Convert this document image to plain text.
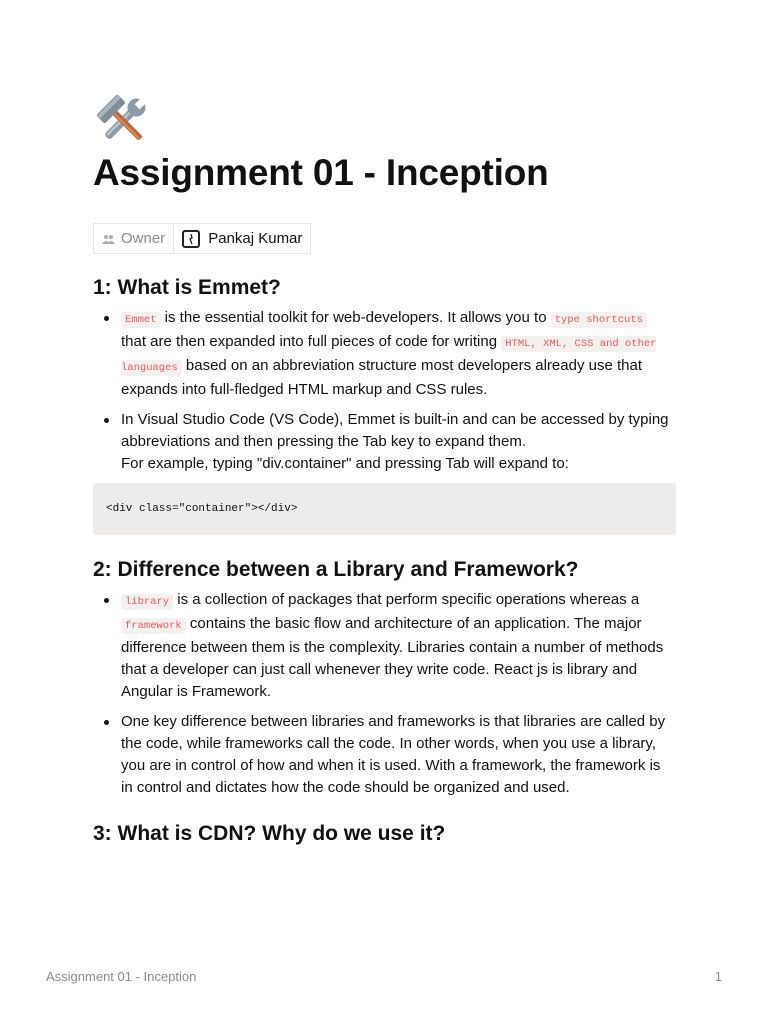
Assignment 01 - Inception
Owner	Pankaj Kumar
1: What is Emmet?
Emmet is the essential toolkit for web-developers. It allows you to type shortcuts that are then expanded into full pieces of code for writing HTML, XML, CSS and other languages based on an abbreviation structure most developers already use that expands into full-fledged HTML markup and CSS rules.
In Visual Studio Code (VS Code), Emmet is built-in and can be accessed by typing abbreviations and then pressing the Tab key to expand them.
For example, typing "div.container" and pressing Tab will expand to:
<div class="container"></div>
2: Difference between a Library and Framework?
library is a collection of packages that perform specific operations whereas a framework contains the basic flow and architecture of an application. The major difference between them is the complexity. Libraries contain a number of methods that a developer can just call whenever they write code. React js is library and Angular is Framework.
One key difference between libraries and frameworks is that libraries are called by the code, while frameworks call the code. In other words, when you use a library, you are in control of how and when it is used. With a framework, the framework is in control and dictates how the code should be organized and used.
3: What is CDN? Why do we use it?
Assignment 01 - Inception	1
